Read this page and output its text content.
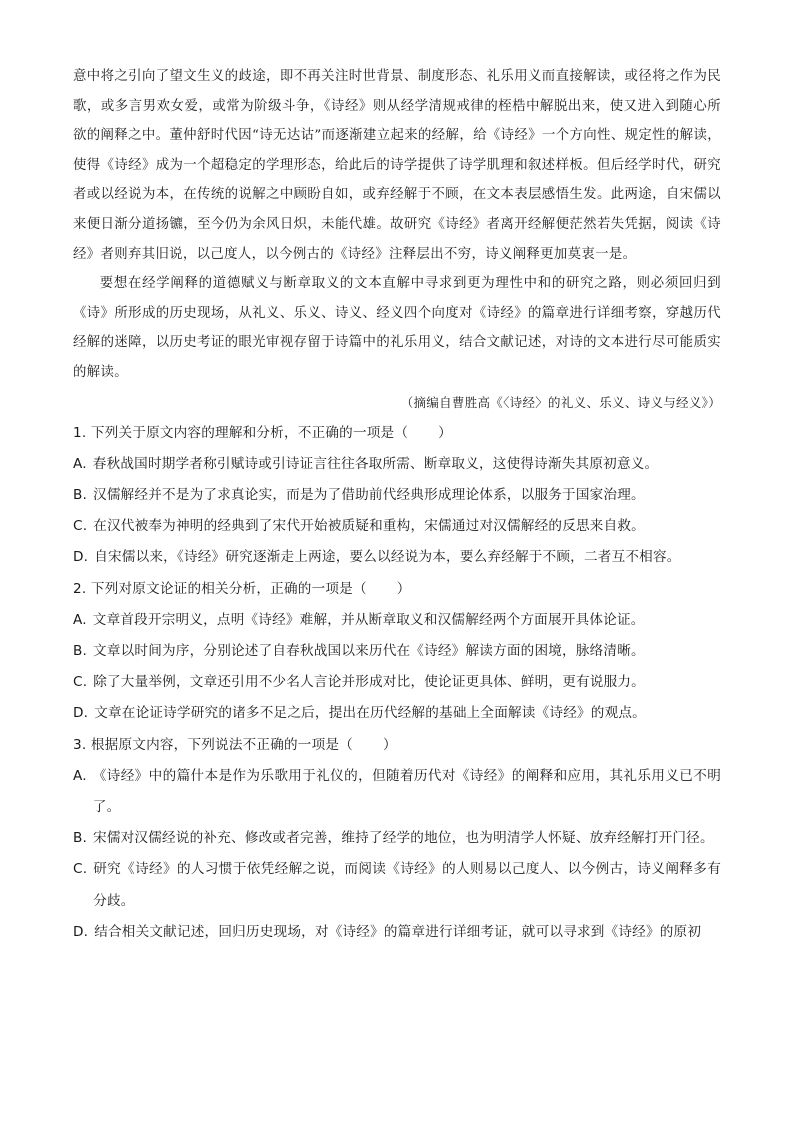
意中将之引向了望文生义的歧途，即不再关注时世背景、制度形态、礼乐用义而直接解读，或径将之作为民歌，或多言男欢女爱，或常为阶级斗争，《诗经》则从经学清规戒律的桎梏中解脱出来，使又进入到随心所欲的阐释之中。董仲舒时代因“诗无达诂”而逐渐建立起来的经解，给《诗经》一个方向性、规定性的解读，使得《诗经》成为一个超稳定的学理形态，给此后的诗学提供了诗学肌理和叙述样板。但后经学时代，研究者或以经说为本，在传统的说解之中顾盼自如，或弃经解于不顾，在文本表层感悟生发。此两途，自宋儒以来便日渐分道扬镳，至今仍为余风日炽，未能代雄。故研究《诗经》者离开经解便茫然若失凭据，阅读《诗经》者则弃其旧说，以己度人，以今例古的《诗经》注释层出不穷，诗义阐释更加莫衷一是。

要想在经学阐释的道德赋义与断章取义的文本直解中寻求到更为理性中和的研究之路，则必须回归到《诗》所形成的历史现场，从礼义、乐义、诗义、经义四个向度对《诗经》的篇章进行详细考察，穿越历代经解的迷障，以历史考证的眼光审视存留于诗篇中的礼乐用义，结合文献记述，对诗的文本进行尽可能质实的解读。

（摘编自曹胜高《〈诗经〉的礼义、乐义、诗义与经义》）

1. 下列关于原文内容的理解和分析，不正确的一项是（ ）

A. 春秋战国时期学者称引赋诗或引诗证言往往各取所需、断章取义，这使得诗渐失其原初意义。

B. 汉儒解经并不是为了求真论实，而是为了借助前代经典形成理论体系，以服务于国家治理。

C. 在汉代被奉为神明的经典到了宋代开始被质疑和重构，宋儒通过对汉儒解经的反思来自救。

D. 自宋儒以来，《诗经》研究逐渐走上两途，要么以经说为本，要么弃经解于不顾，二者互不相容。

2. 下列对原文论证的相关分析，正确的一项是（ ）

A. 文章首段开宗明义，点明《诗经》难解，并从断章取义和汉儒解经两个方面展开具体论证。

B. 文章以时间为序，分别论述了自春秋战国以来历代在《诗经》解读方面的困境，脉络清晰。

C. 除了大量举例，文章还引用不少名人言论并形成对比，使论证更具体、鲜明，更有说服力。

D. 文章在论证诗学研究的诸多不足之后，提出在历代经解的基础上全面解读《诗经》的观点。

3. 根据原文内容，下列说法不正确的一项是（ ）

A. 《诗经》中的篇什本是作为乐歌用于礼仪的，但随着历代对《诗经》的阐释和应用，其礼乐用义已不明了。

B. 宋儒对汉儒经说的补充、修改或者完善，维持了经学的地位，也为明清学人怀疑、放弃经解打开门径。

C. 研究《诗经》的人习惯于依凭经解之说，而阅读《诗经》的人则易以己度人、以今例古，诗义阐释多有分歧。

D. 结合相关文献记述，回归历史现场，对《诗经》的篇章进行详细考证，就可以寻求到《诗经》的原初
